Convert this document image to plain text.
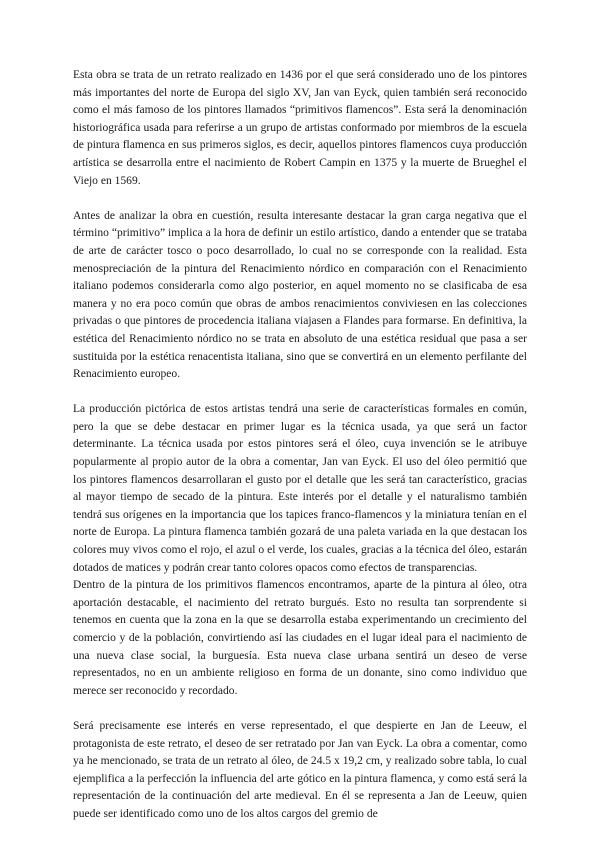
Esta obra se trata de un retrato realizado en 1436 por el que será considerado uno de los pintores más importantes del norte de Europa del siglo XV, Jan van Eyck, quien también será reconocido como el más famoso de los pintores llamados “primitivos flamencos”. Esta será la denominación historiográfica usada para referirse a un grupo de artistas conformado por miembros de la escuela de pintura flamenca en sus primeros siglos, es decir, aquellos pintores flamencos cuya producción artística se desarrolla entre el nacimiento de Robert Campin en 1375 y la muerte de Brueghel el Viejo en 1569.

Antes de analizar la obra en cuestión, resulta interesante destacar la gran carga negativa que el término “primitivo” implica a la hora de definir un estilo artístico, dando a entender que se trataba de arte de carácter tosco o poco desarrollado, lo cual no se corresponde con la realidad. Esta menospreciación de la pintura del Renacimiento nórdico en comparación con el Renacimiento italiano podemos considerarla como algo posterior, en aquel momento no se clasificaba de esa manera y no era poco común que obras de ambos renacimientos conviviesen en las colecciones privadas o que pintores de procedencia italiana viajasen a Flandes para formarse. En definitiva, la estética del Renacimiento nórdico no se trata en absoluto de una estética residual que pasa a ser sustituida por la estética renacentista italiana, sino que se convertirá en un elemento perfilante del Renacimiento europeo.

La producción pictórica de estos artistas tendrá una serie de características formales en común, pero la que se debe destacar en primer lugar es la técnica usada, ya que será un factor determinante. La técnica usada por estos pintores será el óleo, cuya invención se le atribuye popularmente al propio autor de la obra a comentar, Jan van Eyck. El uso del óleo permitió que los pintores flamencos desarrollaran el gusto por el detalle que les será tan característico, gracias al mayor tiempo de secado de la pintura. Este interés por el detalle y el naturalismo también tendrá sus orígenes en la importancia que los tapices franco-flamencos y la miniatura tenían en el norte de Europa. La pintura flamenca también gozará de una paleta variada en la que destacan los colores muy vivos como el rojo, el azul o el verde, los cuales, gracias a la técnica del óleo, estarán dotados de matices y podrán crear tanto colores opacos como efectos de transparencias.

Dentro de la pintura de los primitivos flamencos encontramos, aparte de la pintura al óleo, otra aportación destacable, el nacimiento del retrato burgués. Esto no resulta tan sorprendente si tenemos en cuenta que la zona en la que se desarrolla estaba experimentando un crecimiento del comercio y de la población, convirtiendo así las ciudades en el lugar ideal para el nacimiento de una nueva clase social, la burguesía. Esta nueva clase urbana sentirá un deseo de verse representados, no en un ambiente religioso en forma de un donante, sino como individuo que merece ser reconocido y recordado.

Será precisamente ese interés en verse representado, el que despierte en Jan de Leeuw, el protagonista de este retrato, el deseo de ser retratado por Jan van Eyck. La obra a comentar, como ya he mencionado, se trata de un retrato al óleo, de 24.5 x 19,2 cm, y realizado sobre tabla, lo cual ejemplifica a la perfección la influencia del arte gótico en la pintura flamenca, y como está será la representación de la continuación del arte medieval. En él se representa a Jan de Leeuw, quien puede ser identificado como uno de los altos cargos del gremio de
